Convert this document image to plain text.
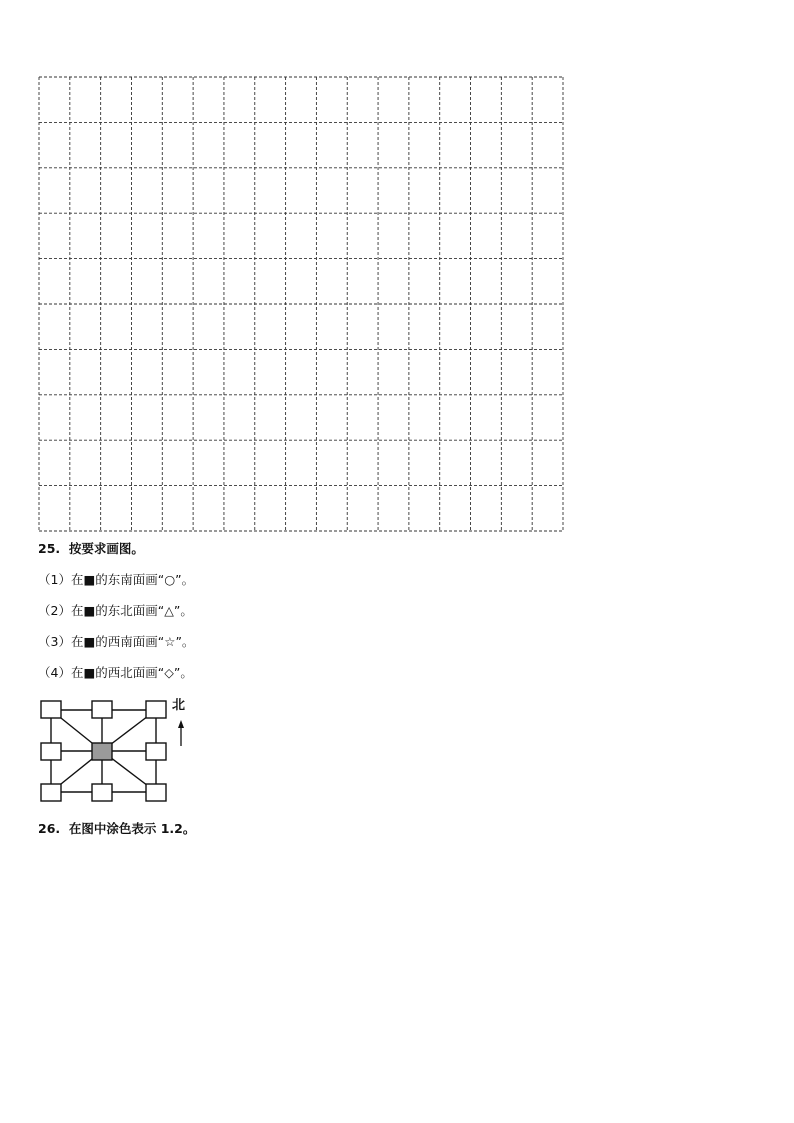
25. 按要求画图。
（1）在■的东南面画“○”。
（2）在■的东北面画“△”。
（3）在■的西南面画“☆”。
（4）在■的西北面画“◇”。
北
26. 在图中涂色表示 1.2。
